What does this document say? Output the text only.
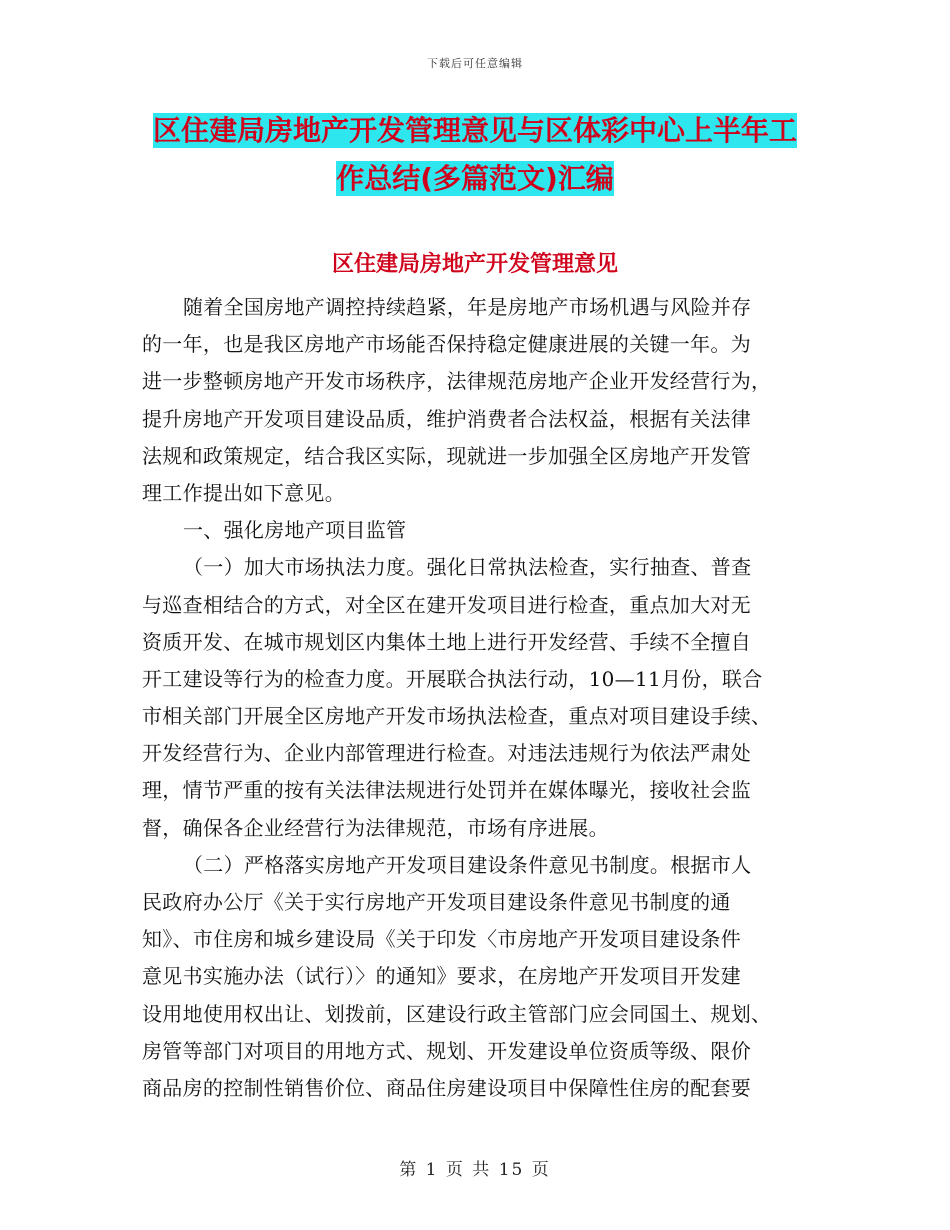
下载后可任意编辑
区住建局房地产开发管理意见与区体彩中心上半年工
作总结(多篇范文)汇编
区住建局房地产开发管理意见
随着全国房地产调控持续趋紧，年是房地产市场机遇与风险并存
的一年，也是我区房地产市场能否保持稳定健康进展的关键一年。为
进一步整顿房地产开发市场秩序，法律规范房地产企业开发经营行为，
提升房地产开发项目建设品质，维护消费者合法权益，根据有关法律
法规和政策规定，结合我区实际，现就进一步加强全区房地产开发管
理工作提出如下意见。
一、强化房地产项目监管
（一）加大市场执法力度。强化日常执法检查，实行抽查、普查
与巡查相结合的方式，对全区在建开发项目进行检查，重点加大对无
资质开发、在城市规划区内集体土地上进行开发经营、手续不全擅自
开工建设等行为的检查力度。开展联合执法行动，10—11月份，联合
市相关部门开展全区房地产开发市场执法检查，重点对项目建设手续、
开发经营行为、企业内部管理进行检查。对违法违规行为依法严肃处
理，情节严重的按有关法律法规进行处罚并在媒体曝光，接收社会监
督，确保各企业经营行为法律规范，市场有序进展。
（二）严格落实房地产开发项目建设条件意见书制度。根据市人
民政府办公厅《关于实行房地产开发项目建设条件意见书制度的通
知》、市住房和城乡建设局《关于印发〈市房地产开发项目建设条件
意见书实施办法（试行）〉的通知》要求，在房地产开发项目开发建
设用地使用权出让、划拨前，区建设行政主管部门应会同国土、规划、
房管等部门对项目的用地方式、规划、开发建设单位资质等级、限价
商品房的控制性销售价位、商品住房建设项目中保障性住房的配套要
第 1 页 共 15 页
